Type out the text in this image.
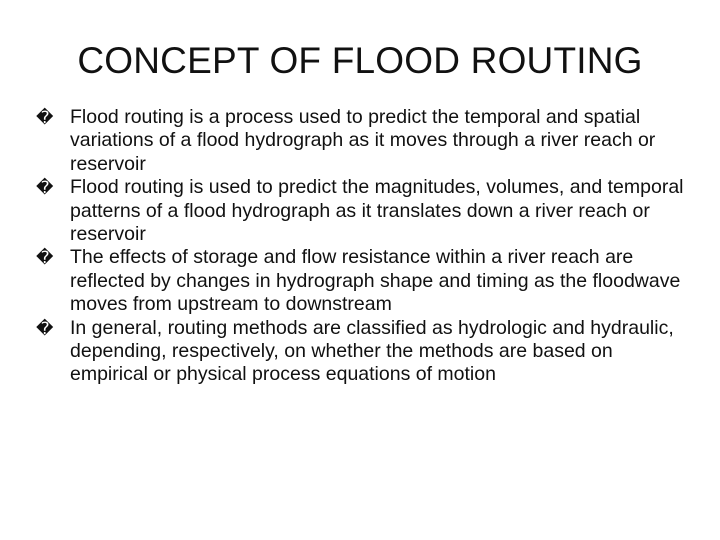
CONCEPT OF FLOOD ROUTING
� Flood routing is a process used to predict the temporal and spatial variations of a flood hydrograph as it moves through a river reach or reservoir
� Flood routing is used to predict the magnitudes, volumes, and temporal patterns of a flood hydrograph as it translates down a river reach or reservoir
� The effects of storage and flow resistance within a river reach are reflected by changes in hydrograph shape and timing as the floodwave moves from upstream to downstream
� In general, routing methods are classified as hydrologic and hydraulic, depending, respectively, on whether the methods are based on empirical or physical process equations of motion
